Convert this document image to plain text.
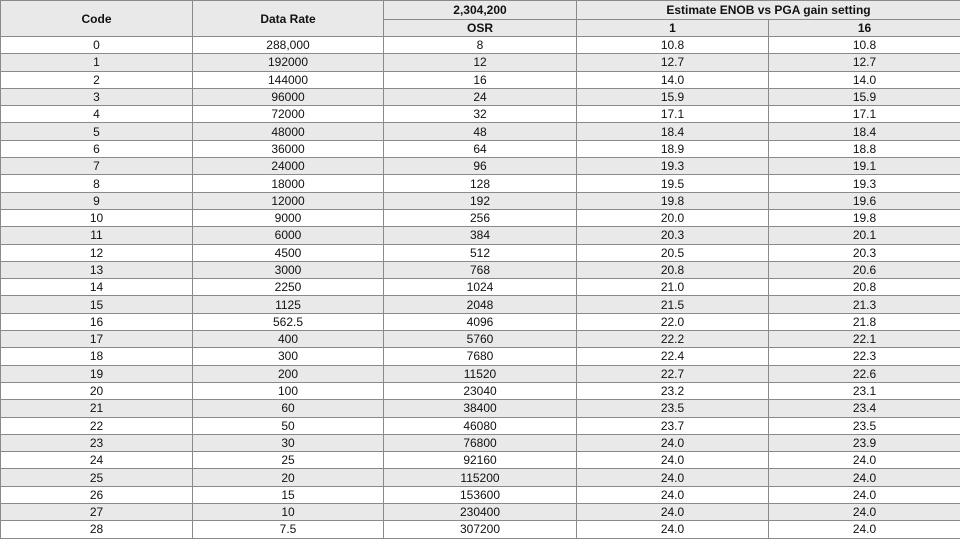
Code	Data Rate	2,304,200	Estimate ENOB vs PGA gain setting	
		OSR	1	16
0	288,000	8	10.8	10.8
1	192000	12	12.7	12.7
2	144000	16	14.0	14.0
3	96000	24	15.9	15.9
4	72000	32	17.1	17.1
5	48000	48	18.4	18.4
6	36000	64	18.9	18.8
7	24000	96	19.3	19.1
8	18000	128	19.5	19.3
9	12000	192	19.8	19.6
10	9000	256	20.0	19.8
11	6000	384	20.3	20.1
12	4500	512	20.5	20.3
13	3000	768	20.8	20.6
14	2250	1024	21.0	20.8
15	1125	2048	21.5	21.3
16	562.5	4096	22.0	21.8
17	400	5760	22.2	22.1
18	300	7680	22.4	22.3
19	200	11520	22.7	22.6
20	100	23040	23.2	23.1
21	60	38400	23.5	23.4
22	50	46080	23.7	23.5
23	30	76800	24.0	23.9
24	25	92160	24.0	24.0
25	20	115200	24.0	24.0
26	15	153600	24.0	24.0
27	10	230400	24.0	24.0
28	7.5	307200	24.0	24.0
